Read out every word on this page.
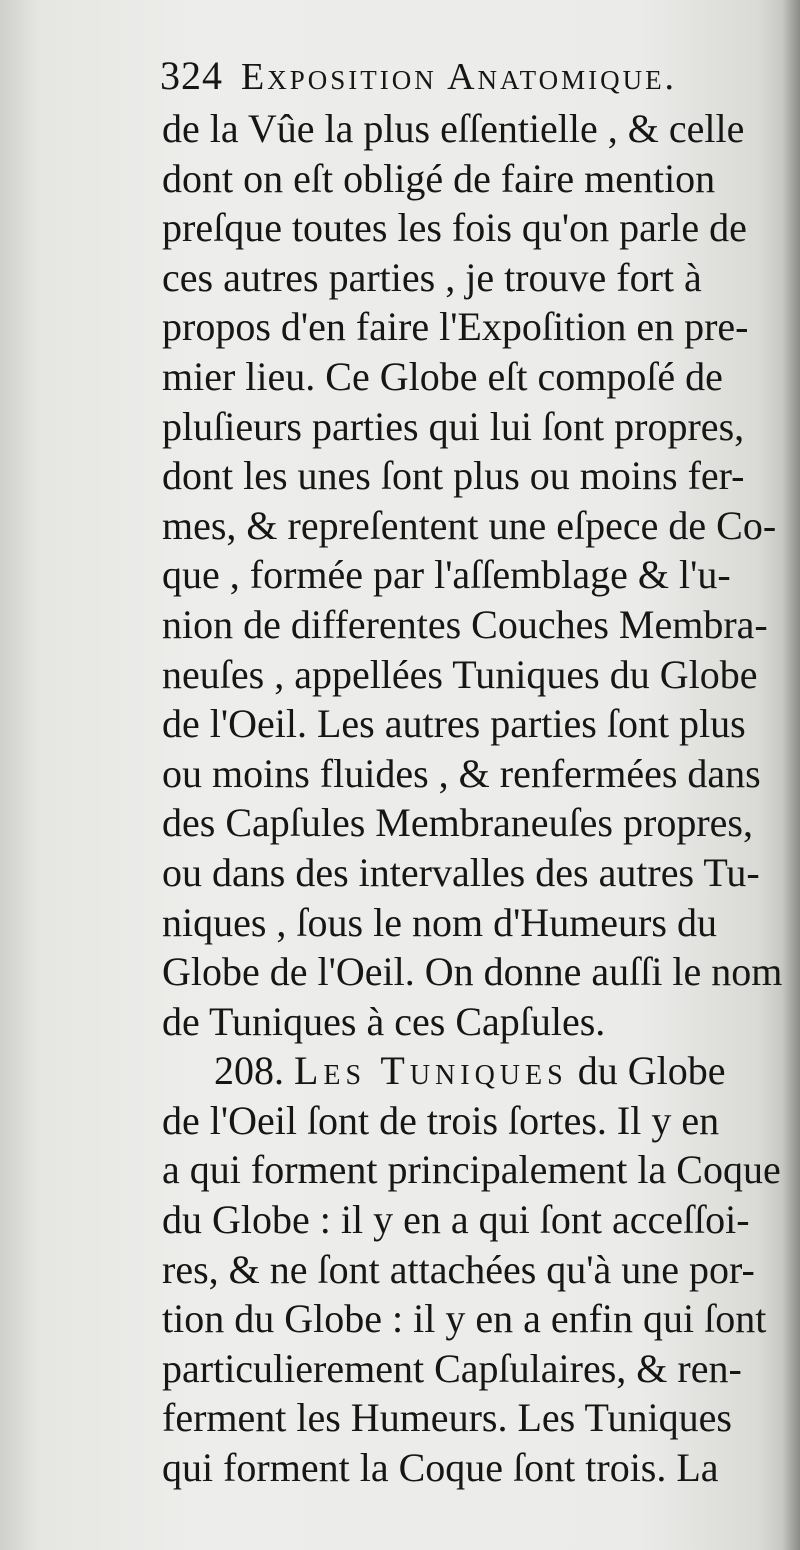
324 Exposition Anatomique.
de la Vûe la plus eſſentielle , & celle
dont on eſt obligé de faire mention
preſque toutes les fois qu'on parle de
ces autres parties , je trouve fort à
propos d'en faire l'Expoſition en pre-
mier lieu. Ce Globe eſt compoſé de
pluſieurs parties qui lui ſont propres,
dont les unes ſont plus ou moins fer-
mes, & repreſentent une eſpece de Co-
que , formée par l'aſſemblage & l'u-
nion de differentes Couches Membra-
neuſes , appellées Tuniques du Globe
de l'Oeil. Les autres parties ſont plus
ou moins fluides , & renfermées dans
des Capſules Membraneuſes propres,
ou dans des intervalles des autres Tu-
niques , ſous le nom d'Humeurs du
Globe de l'Oeil. On donne auſſi le nom
de Tuniques à ces Capſules.
208. Les Tuniques du Globe
de l'Oeil ſont de trois ſortes. Il y en
a qui forment principalement la Coque
du Globe : il y en a qui ſont acceſſoi-
res, & ne ſont attachées qu'à une por-
tion du Globe : il y en a enfin qui ſont
particulierement Capſulaires, & ren-
ferment les Humeurs. Les Tuniques
qui forment la Coque ſont trois. La
